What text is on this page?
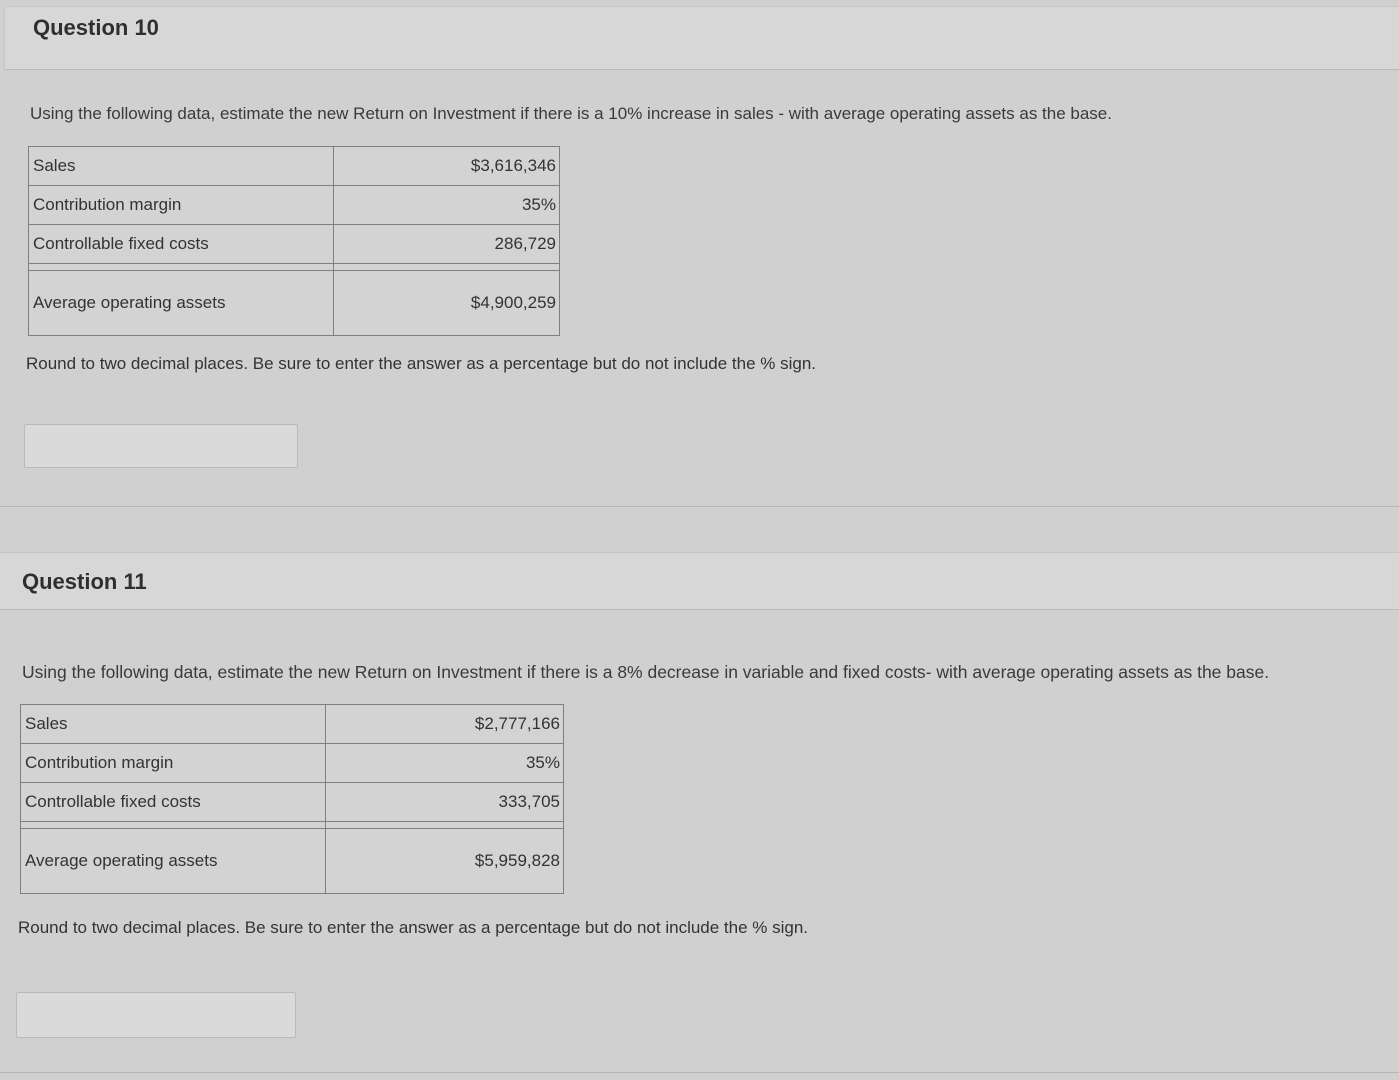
Question 10
Using the following data, estimate the new Return on Investment if there is a 10% increase in sales - with average operating assets as the base.
Sales	$3,616,346
Contribution margin	35%
Controllable fixed costs	286,729

Average operating assets	$4,900,259
Round to two decimal places. Be sure to enter the answer as a percentage but do not include the % sign.
Question 11
Using the following data, estimate the new Return on Investment if there is a 8% decrease in variable and fixed costs- with average operating assets as the base.
Sales	$2,777,166
Contribution margin	35%
Controllable fixed costs	333,705

Average operating assets	$5,959,828
Round to two decimal places. Be sure to enter the answer as a percentage but do not include the % sign.
